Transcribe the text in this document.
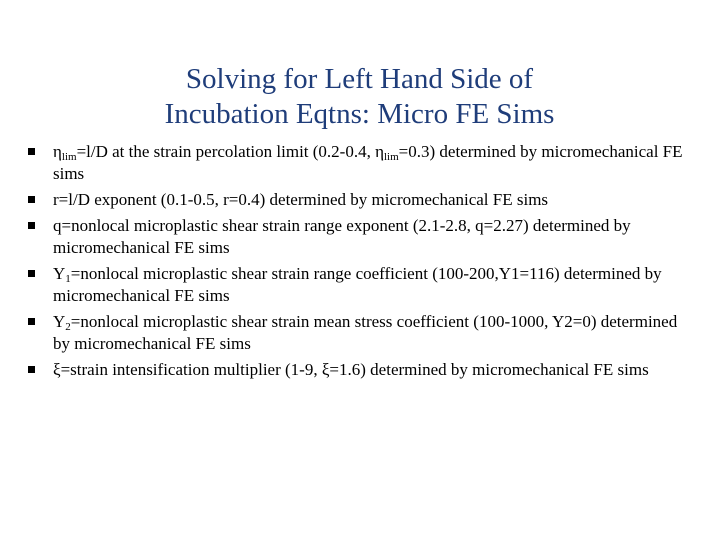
Solving for Left Hand Side of
Incubation Eqtns: Micro FE Sims
$\eta_{lim}=l/D$ at the strain percolation limit (0.2-0.4, $\eta_{lim}=0.3$) determined by micromechanical FE sims
r=l/D exponent (0.1-0.5, r=0.4) determined by micromechanical FE sims
q=nonlocal microplastic shear strain range exponent (2.1-2.8, q=2.27) determined by micromechanical FE sims
$Y_1=nonlocal$ microplastic shear strain range coefficient (100-200,Y1=116) determined by micromechanical FE sims
$Y_2=nonlocal$ microplastic shear strain mean stress coefficient (100-1000, Y2=0) determined by micromechanical FE sims
ξ=strain intensification multiplier (1-9, ξ=1.6) determined by micromechanical FE sims
